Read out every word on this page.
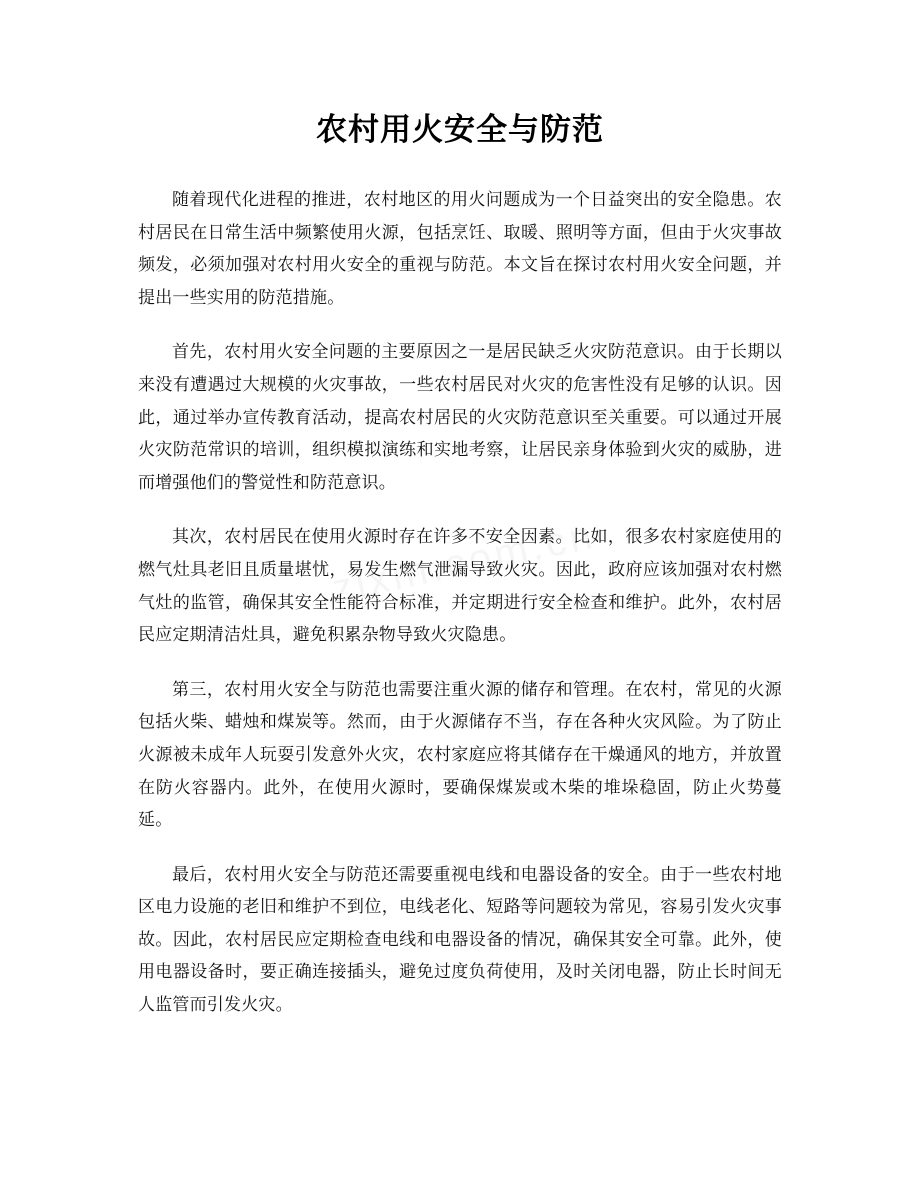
农村用火安全与防范

随着现代化进程的推进，农村地区的用火问题成为一个日益突出的安全隐患。农村居民在日常生活中频繁使用火源，包括烹饪、取暖、照明等方面，但由于火灾事故频发，必须加强对农村用火安全的重视与防范。本文旨在探讨农村用火安全问题，并提出一些实用的防范措施。

首先，农村用火安全问题的主要原因之一是居民缺乏火灾防范意识。由于长期以来没有遭遇过大规模的火灾事故，一些农村居民对火灾的危害性没有足够的认识。因此，通过举办宣传教育活动，提高农村居民的火灾防范意识至关重要。可以通过开展火灾防范常识的培训，组织模拟演练和实地考察，让居民亲身体验到火灾的威胁，进而增强他们的警觉性和防范意识。

其次，农村居民在使用火源时存在许多不安全因素。比如，很多农村家庭使用的燃气灶具老旧且质量堪忧，易发生燃气泄漏导致火灾。因此，政府应该加强对农村燃气灶的监管，确保其安全性能符合标准，并定期进行安全检查和维护。此外，农村居民应定期清洁灶具，避免积累杂物导致火灾隐患。

第三，农村用火安全与防范也需要注重火源的储存和管理。在农村，常见的火源包括火柴、蜡烛和煤炭等。然而，由于火源储存不当，存在各种火灾风险。为了防止火源被未成年人玩耍引发意外火灾，农村家庭应将其储存在干燥通风的地方，并放置在防火容器内。此外，在使用火源时，要确保煤炭或木柴的堆垛稳固，防止火势蔓延。

最后，农村用火安全与防范还需要重视电线和电器设备的安全。由于一些农村地区电力设施的老旧和维护不到位，电线老化、短路等问题较为常见，容易引发火灾事故。因此，农村居民应定期检查电线和电器设备的情况，确保其安全可靠。此外，使用电器设备时，要正确连接插头，避免过度负荷使用，及时关闭电器，防止长时间无人监管而引发火灾。
